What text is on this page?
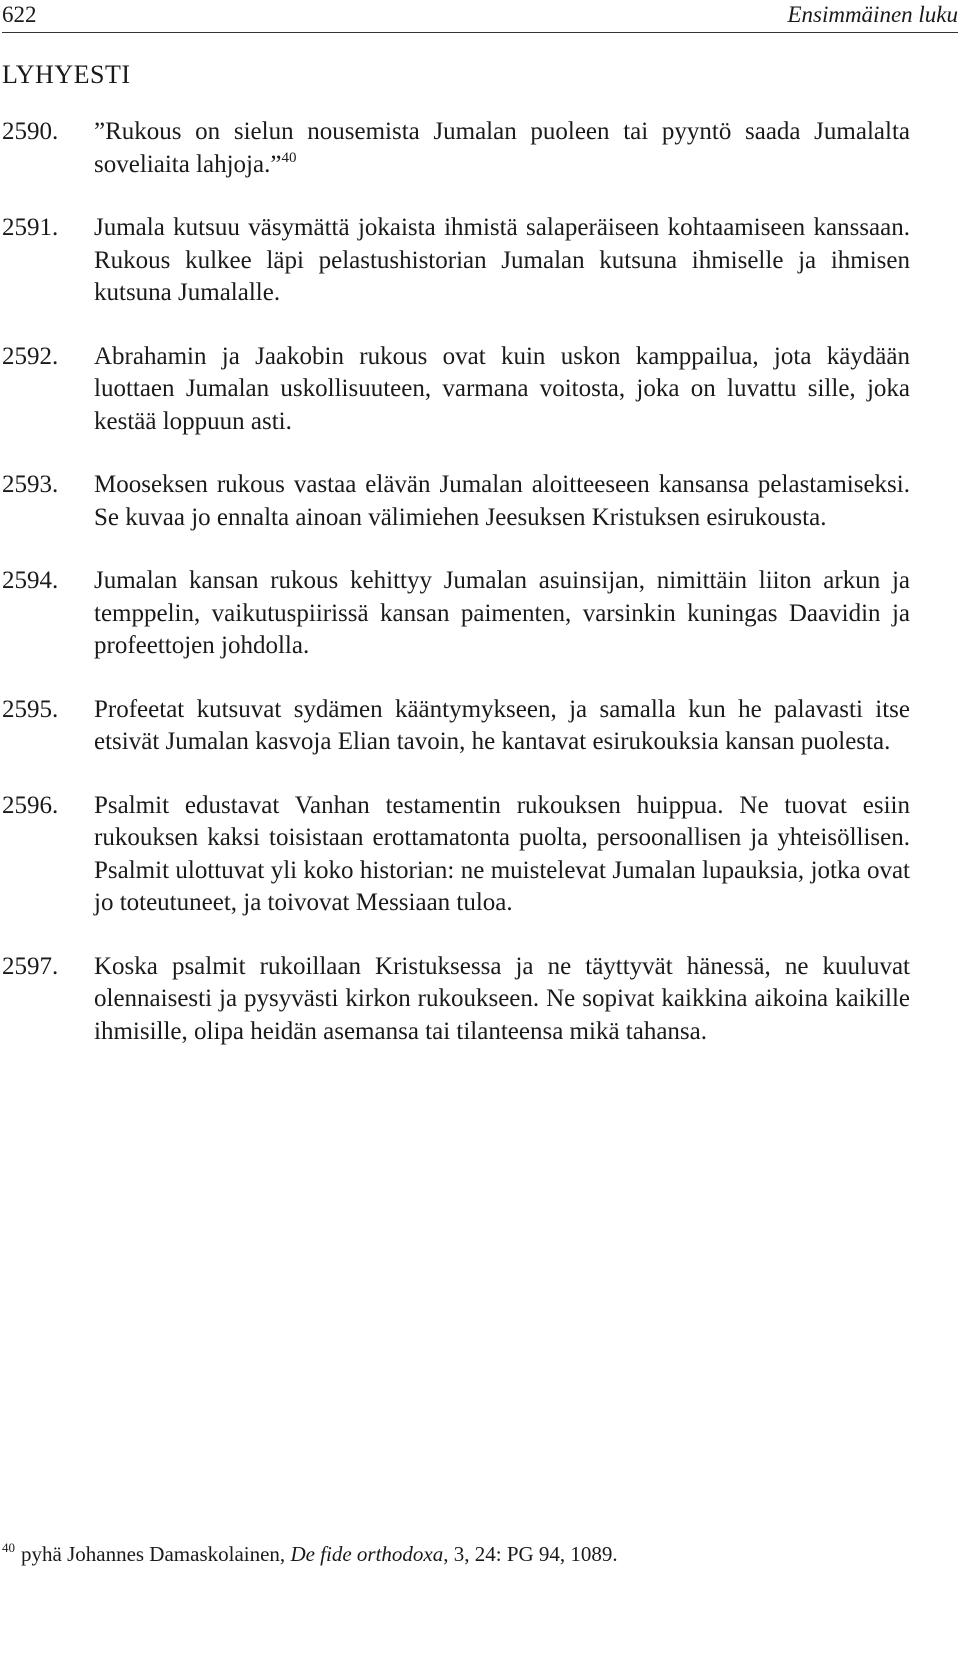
622	Ensimmäinen luku
LYHYESTI
2590.	”Rukous on sielun nousemista Jumalan puoleen tai pyyntö saada Jumalalta soveliaita lahjoja.”$^{40}$
2591.	Jumala kutsuu väsymättä jokaista ihmistä salaperäiseen kohtaamiseen kanssaan. Rukous kulkee läpi pelastushistorian Jumalan kutsuna ihmiselle ja ihmisen kutsuna Jumalalle.
2592.	Abrahamin ja Jaakobin rukous ovat kuin uskon kamppailua, jota käydään luottaen Jumalan uskollisuuteen, varmana voitosta, joka on luvattu sille, joka kestää loppuun asti.
2593.	Mooseksen rukous vastaa elävän Jumalan aloitteeseen kansansa pelastamiseksi. Se kuvaa jo ennalta ainoan välimiehen Jeesuksen Kristuksen esirukousta.
2594.	Jumalan kansan rukous kehittyy Jumalan asuinsijan, nimittäin liiton arkun ja temppelin, vaikutuspiirissä kansan paimenten, varsinkin kuningas Daavidin ja profeettojen johdolla.
2595.	Profeetat kutsuvat sydämen kääntymykseen, ja samalla kun he palavasti itse etsivät Jumalan kasvoja Elian tavoin, he kantavat esirukouksia kansan puolesta.
2596.	Psalmit edustavat Vanhan testamentin rukouksen huippua. Ne tuovat esiin rukouksen kaksi toisistaan erottamatonta puolta, persoonallisen ja yhteisöllisen. Psalmit ulottuvat yli koko historian: ne muistelevat Jumalan lupauksia, jotka ovat jo toteutuneet, ja toivovat Messiaan tuloa.
2597.	Koska psalmit rukoillaan Kristuksessa ja ne täyttyvät hänessä, ne kuuluvat olennaisesti ja pysyvästi kirkon rukoukseen. Ne sopivat kaikkina aikoina kaikille ihmisille, olipa heidän asemansa tai tilanteensa mikä tahansa.
$^{40}$ pyhä Johannes Damaskolainen, De fide orthodoxa, 3, 24: PG 94, 1089.
